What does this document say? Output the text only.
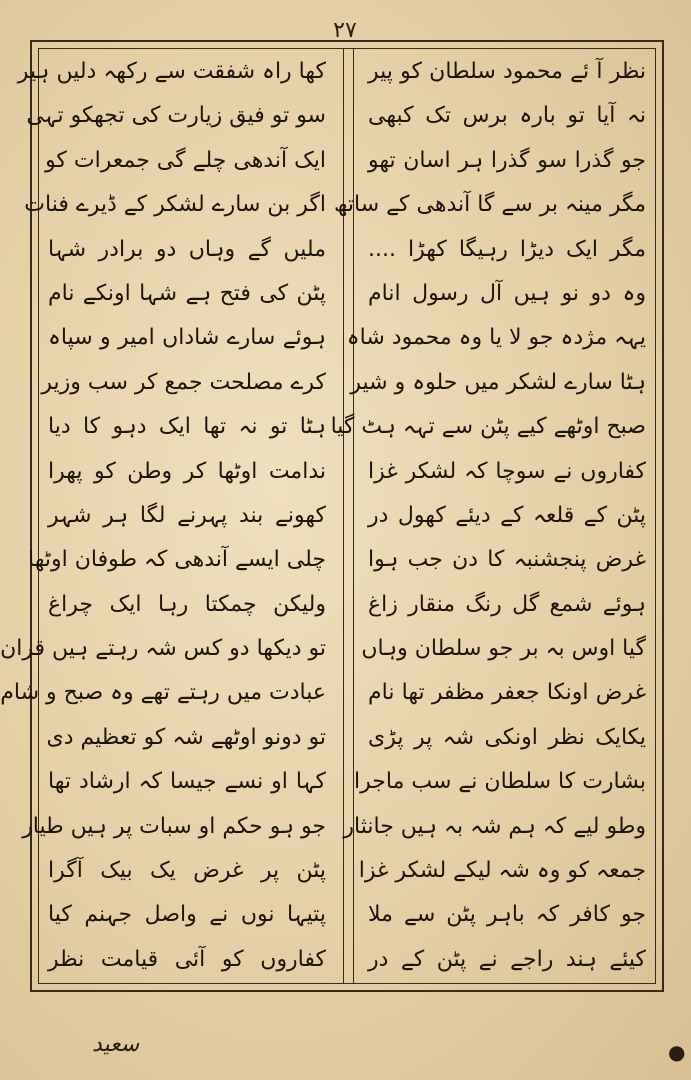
۲۷
نظر آ ئے محمود سلطان کو پیر
نہ آیا تو بارہ برس تک کبھی
جو گذرا سو گذرا ہر اسان تھو
مگر مینہ بر سے گا آندھی کے ساتھ
مگر ایک دیڑا رہیگا کھڑا ....
وہ دو نو ہیں آل رسول انام
یہہ مژدہ جو لا یا وہ محمود شاہ
ہٹا سارے لشکر میں حلوہ و شیر
صبح اوٹھے کیے پٹن سے تہہ ہٹ گیا
کفاروں نے سوچا کہ لشکر غزا
پٹن کے قلعہ کے دیئے کھول در
غرض پنجشنبہ کا دن جب ہوا
ہوئے شمع گل رنگ منقار زاغ
گیا اوس بہ بر جو سلطان وہاں
غرض اونکا جعفر مظفر تھا نام
یکایک نظر اونکی شہ پر پڑی
بشارت کا سلطان نے سب ماجرا
وطو لیے کہ ہم شہ بہ ہیں جانثار
جمعہ کو وہ شہ لیکے لشکر غزا
جو کافر کہ باہر پٹن سے ملا
کیئے ہند راجے نے پٹن کے در
کھا راہ شفقت سے رکھہ دلیں ہیر
سو تو فیق زیارت کی تجھکو تہی
ایک آندھی چلے گی جمعرات کو
اگر بن سارے لشکر کے ڈیرے فنات
ملیں گے وہاں دو برادر شہا
پٹن کی فتح ہے شہا اونکے نام
ہوئے سارے شاداں امیر و سپاہ
کرے مصلحت جمع کر سب وزیر
ہٹا تو نہ تھا ایک دہو کا دیا
ندامت اوٹھا کر وطن کو پھرا
کھونے بند پہرنے لگا ہر شہر
چلی ایسے آندھی کہ طوفان اوٹھا
ولیکن چمکتا رہا ایک چراغ
تو دیکھا دو کس شہ رہتے ہیں قران
عبادت میں رہتے تھے وہ صبح و شام
تو دونو اوٹھے شہ کو تعظیم دی
کہا او نسے جیسا کہ ارشاد تھا
جو ہو حکم او سبات پر ہیں طیار
پٹن پر غرض یک بیک آگرا
پتیہا نوں نے واصل جہنم کیا
کفاروں کو آئی قیامت نظر
سعید	●
